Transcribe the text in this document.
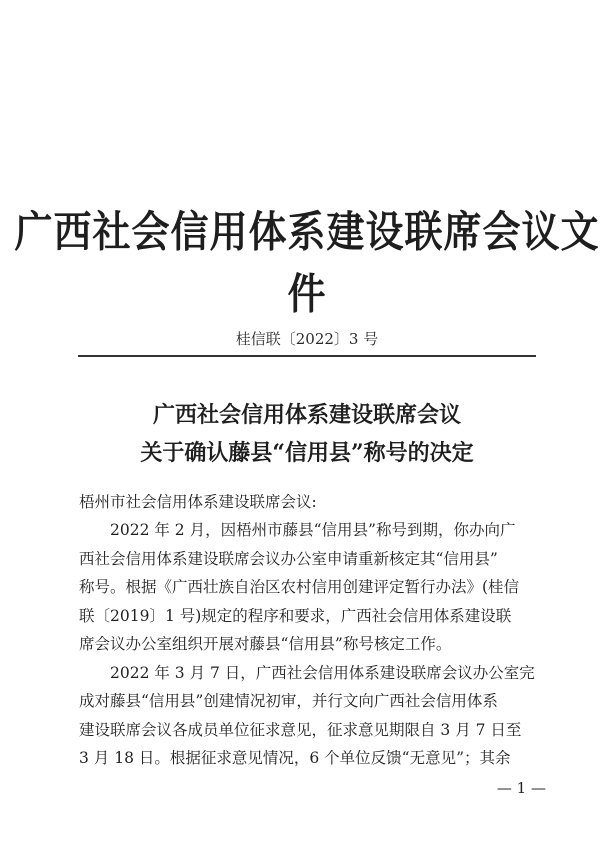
广西社会信用体系建设联席会议文件
桂信联〔2022〕3 号
广西社会信用体系建设联席会议
关于确认藤县“信用县”称号的决定
梧州市社会信用体系建设联席会议:
　　2022 年 2 月，因梧州市藤县“信用县”称号到期，你办向广
西社会信用体系建设联席会议办公室申请重新核定其“信用县”
称号。根据《广西壮族自治区农村信用创建评定暂行办法》(桂信
联〔2019〕1 号)规定的程序和要求，广西社会信用体系建设联
席会议办公室组织开展对藤县“信用县”称号核定工作。
　　2022 年 3 月 7 日，广西社会信用体系建设联席会议办公室完
成对藤县“信用县”创建情况初审，并行文向广西社会信用体系
建设联席会议各成员单位征求意见，征求意见期限自 3 月 7 日至
3 月 18 日。根据征求意见情况，6 个单位反馈“无意见”；其余
— 1 —
